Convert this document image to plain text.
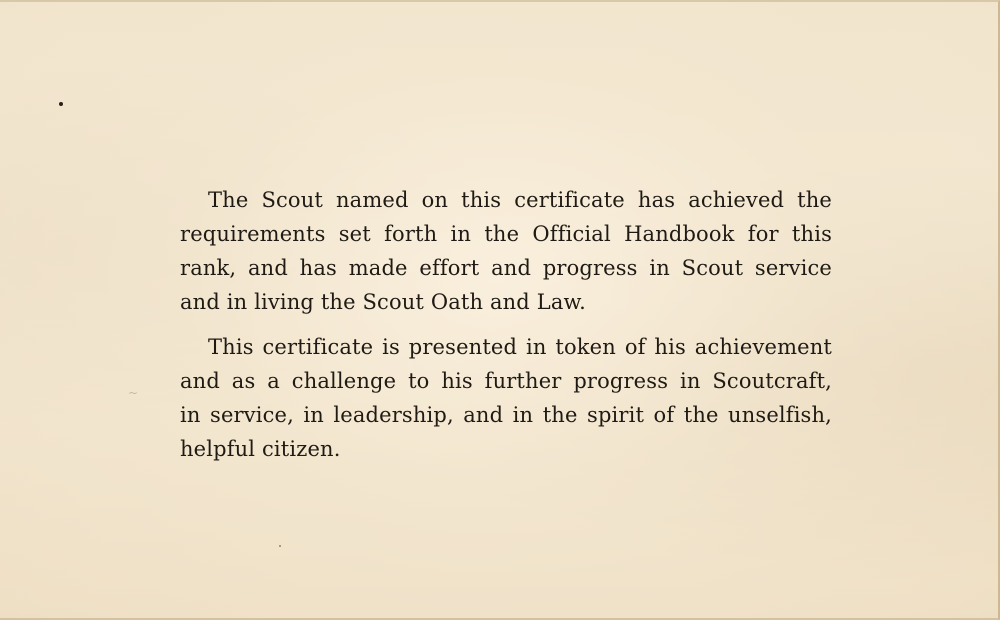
~
The Scout named on this certificate has achieved the
requirements set forth in the Official Handbook for this
rank, and has made effort and progress in Scout service
and in living the Scout Oath and Law.
This certificate is presented in token of his achievement
and as a challenge to his further progress in Scoutcraft,
in service, in leadership, and in the spirit of the unselfish,
helpful citizen.
